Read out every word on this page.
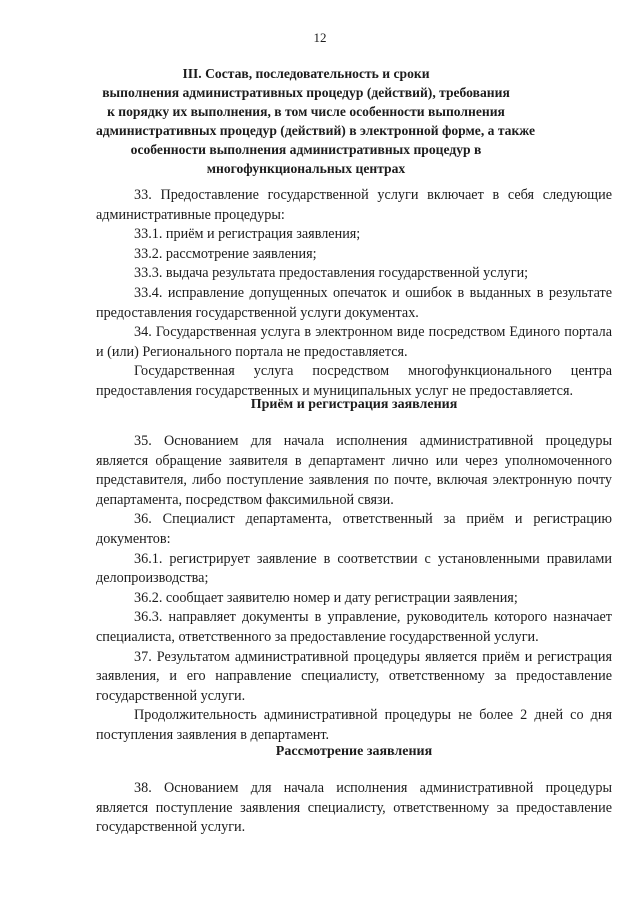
12
III. Состав, последовательность и сроки
выполнения административных процедур (действий), требования
к порядку их выполнения, в том числе особенности выполнения
административных процедур (действий) в электронной форме, а также
особенности выполнения административных процедур в
многофункциональных центрах

33. Предоставление государственной услуги включает в себя следующие административные процедуры:

33.1. приём и регистрация заявления;

33.2. рассмотрение заявления;

33.3. выдача результата предоставления государственной услуги;

33.4. исправление допущенных опечаток и ошибок в выданных в результате предоставления государственной услуги документах.

34. Государственная услуга в электронном виде посредством Единого портала и (или) Регионального портала не предоставляется.

Государственная услуга посредством многофункционального центра предоставления государственных и муниципальных услуг не предоставляется.

Приём и регистрация заявления

35. Основанием для начала исполнения административной процедуры является обращение заявителя в департамент лично или через уполномоченного представителя, либо поступление заявления по почте, включая электронную почту департамента, посредством факсимильной связи.

36. Специалист департамента, ответственный за приём и регистрацию документов:

36.1. регистрирует заявление в соответствии с установленными правилами делопроизводства;

36.2. сообщает заявителю номер и дату регистрации заявления;

36.3. направляет документы в управление, руководитель которого назначает специалиста, ответственного за предоставление государственной услуги.

37. Результатом административной процедуры является приём и регистрация заявления, и его направление специалисту, ответственному за предоставление государственной услуги.

Продолжительность административной процедуры не более 2 дней со дня поступления заявления в департамент.

Рассмотрение заявления

38. Основанием для начала исполнения административной процедуры является поступление заявления специалисту, ответственному за предоставление государственной услуги.
